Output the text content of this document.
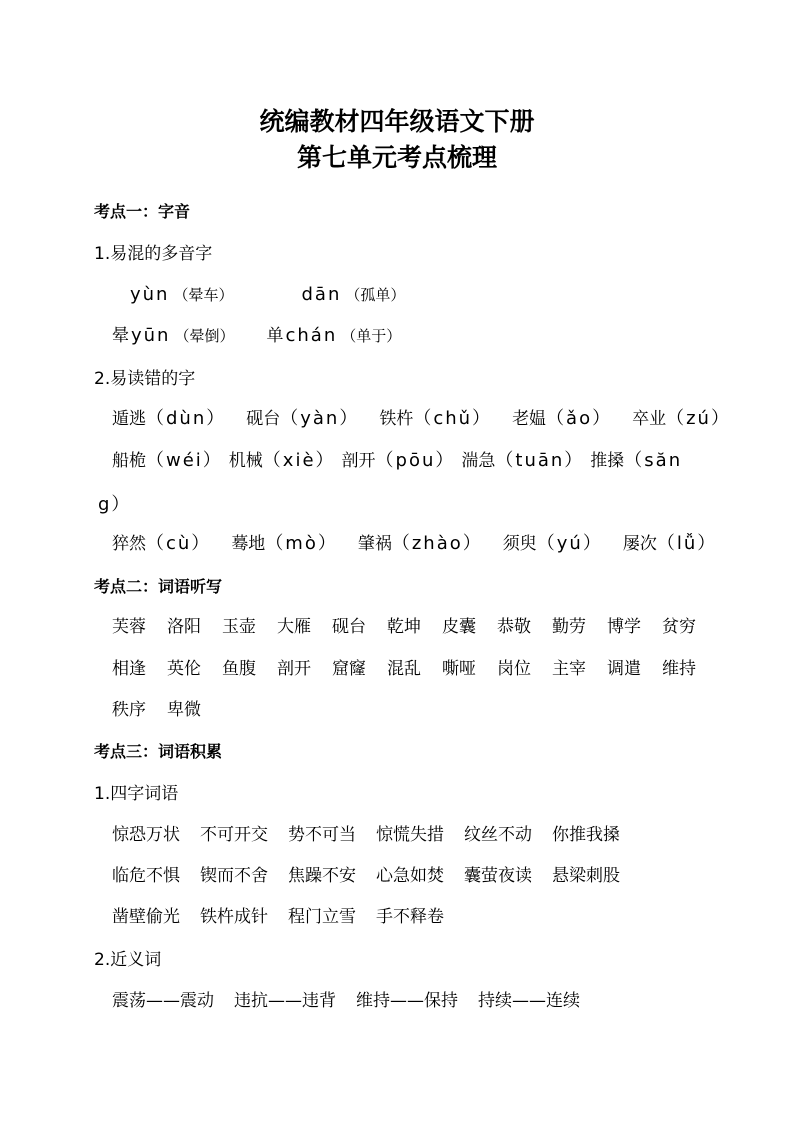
统编教材四年级语文下册
第七单元考点梳理
考点一：字音
1.易混的多音字
yùn （晕车）	dān （孤单）
晕 yūn （晕倒） 单 chán （单于）
2.易读错的字
遁逃 （dùn） 砚台 （yàn） 铁杵 （chǔ） 老媪 （ǎo） 卒业 （zú）
船桅 （wéi） 机械 （xiè） 剖开 （pōu） 湍急 （tuān） 推搡 （săn
g）
猝然 （cù） 蓦地 （mò） 肇祸 （zhào） 须臾 （yú） 屡次 （lǚ）
考点二：词语听写
芙蓉 洛阳 玉壶 大雁 砚台 乾坤 皮囊 恭敬 勤劳 博学 贫穷
相逢 英伦 鱼腹 剖开 窟窿 混乱 嘶哑 岗位 主宰 调遣 维持
秩序 卑微
考点三：词语积累
1.四字词语
惊恐万状 不可开交 势不可当 惊慌失措 纹丝不动 你推我搡
临危不惧 锲而不舍 焦躁不安 心急如焚 囊萤夜读 悬梁刺股
凿壁偷光 铁杵成针 程门立雪 手不释卷
2.近义词
震荡——震动 违抗——违背 维持——保持 持续——连续
